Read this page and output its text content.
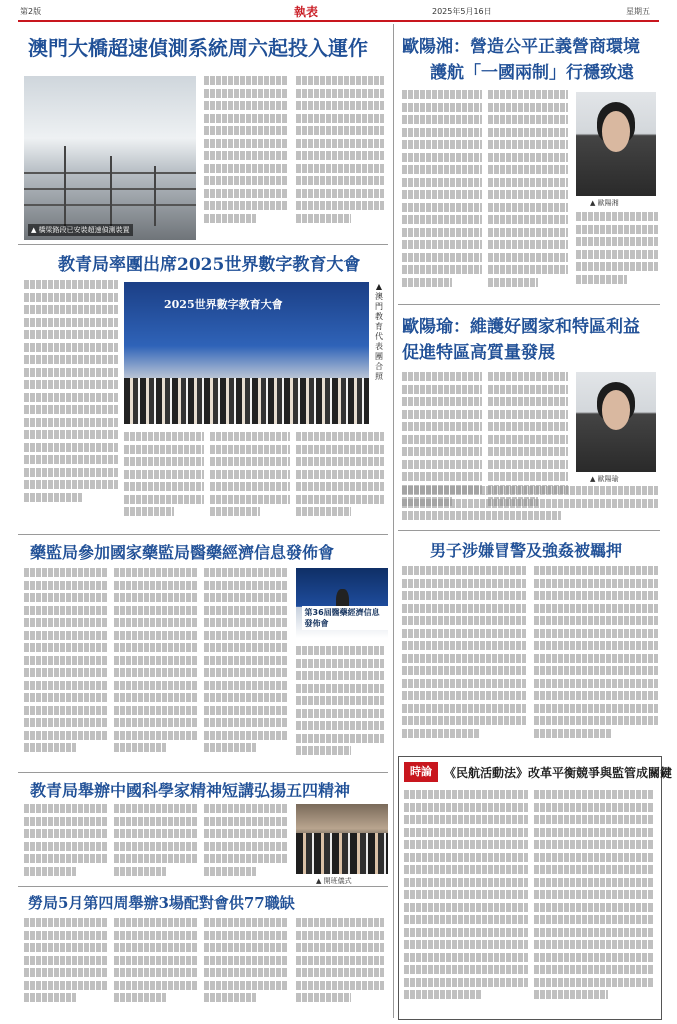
第2版	執表	2025年5月16日	星期五
澳門大橋超速偵測系統周六起投入運作
▲ 橋梁路段已安裝超速偵測裝置
教青局率團出席2025世界數字教育大會
2025世界數字教育大會
▲澳門教育代表團合照
藥監局參加國家藥監局醫藥經濟信息發佈會
第36屆醫藥經濟信息發佈會
教青局舉辦中國科學家精神短講弘揚五四精神
▲ 開班儀式
勞局5月第四周舉辦3場配對會供77職缺
歐陽湘：營造公平正義營商環境
護航「一國兩制」行穩致遠
▲ 歐陽湘
歐陽瑜：維護好國家和特區利益
促進特區高質量發展
▲ 歐陽瑜
男子涉嫌冒警及強姦被羈押
時論	《民航活動法》改革平衡競爭與監管成關鍵
